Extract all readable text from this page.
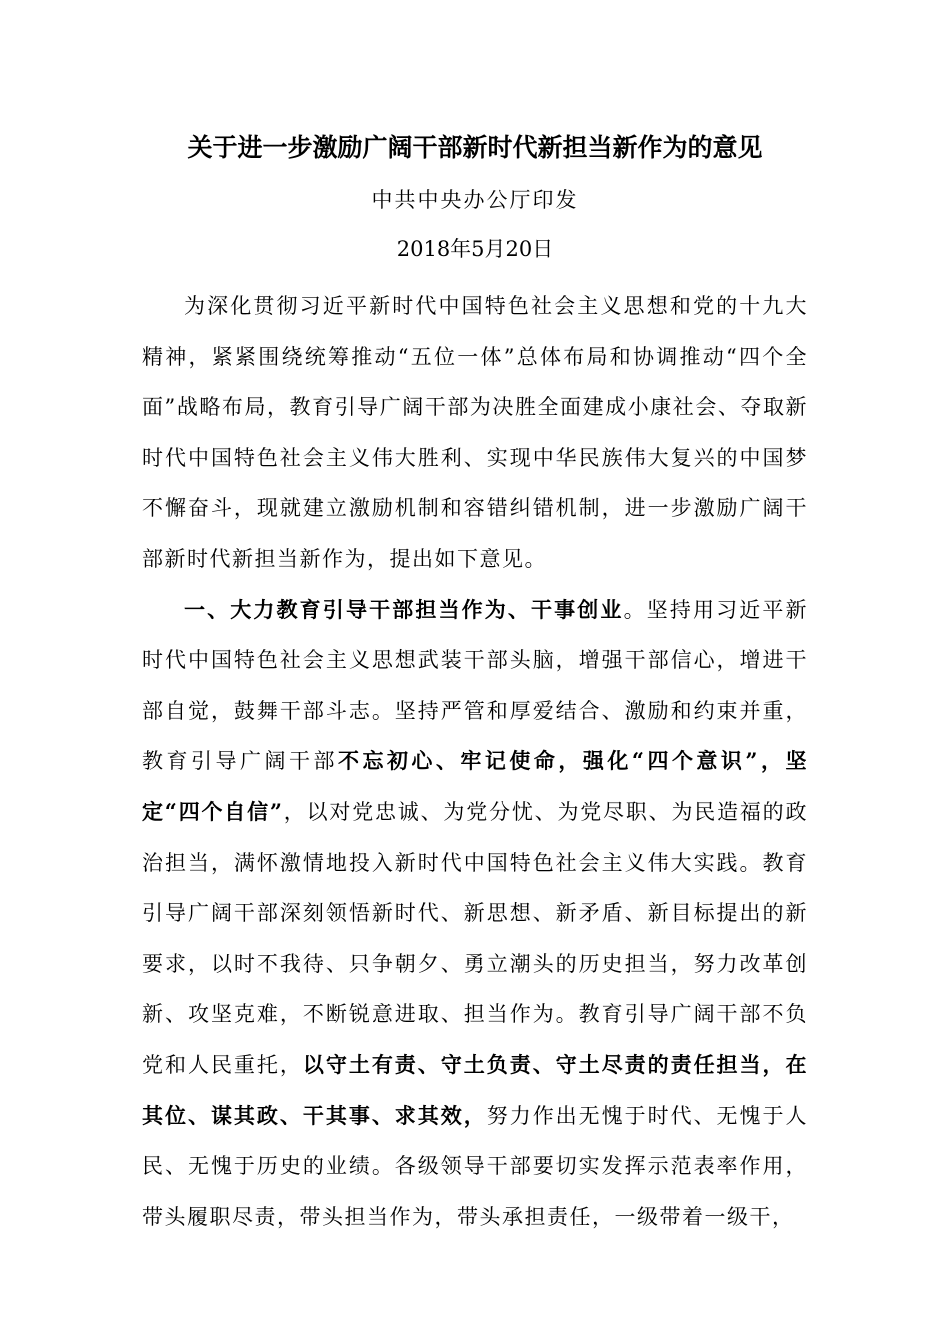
关于进一步激励广阔干部新时代新担当新作为的意见
中共中央办公厅印发
2018年5月20日

为深化贯彻习近平新时代中国特色社会主义思想和党的十九大精神，紧紧围绕统筹推动“五位一体”总体布局和协调推动“四个全面”战略布局，教育引导广阔干部为决胜全面建成小康社会、夺取新时代中国特色社会主义伟大胜利、实现中华民族伟大复兴的中国梦不懈奋斗，现就建立激励机制和容错纠错机制，进一步激励广阔干部新时代新担当新作为，提出如下意见。

一、大力教育引导干部担当作为、干事创业。坚持用习近平新时代中国特色社会主义思想武装干部头脑，增强干部信心，增进干部自觉，鼓舞干部斗志。坚持严管和厚爱结合、激励和约束并重，教育引导广阔干部不忘初心、牢记使命，强化“四个意识”，坚定“四个自信”，以对党忠诚、为党分忧、为党尽职、为民造福的政治担当，满怀激情地投入新时代中国特色社会主义伟大实践。教育引导广阔干部深刻领悟新时代、新思想、新矛盾、新目标提出的新要求，以时不我待、只争朝夕、勇立潮头的历史担当，努力改革创新、攻坚克难，不断锐意进取、担当作为。教育引导广阔干部不负党和人民重托，以守土有责、守土负责、守土尽责的责任担当，在其位、谋其政、干其事、求其效，努力作出无愧于时代、无愧于人民、无愧于历史的业绩。各级领导干部要切实发挥示范表率作用，带头履职尽责，带头担当作为，带头承担责任，一级带着一级干，
